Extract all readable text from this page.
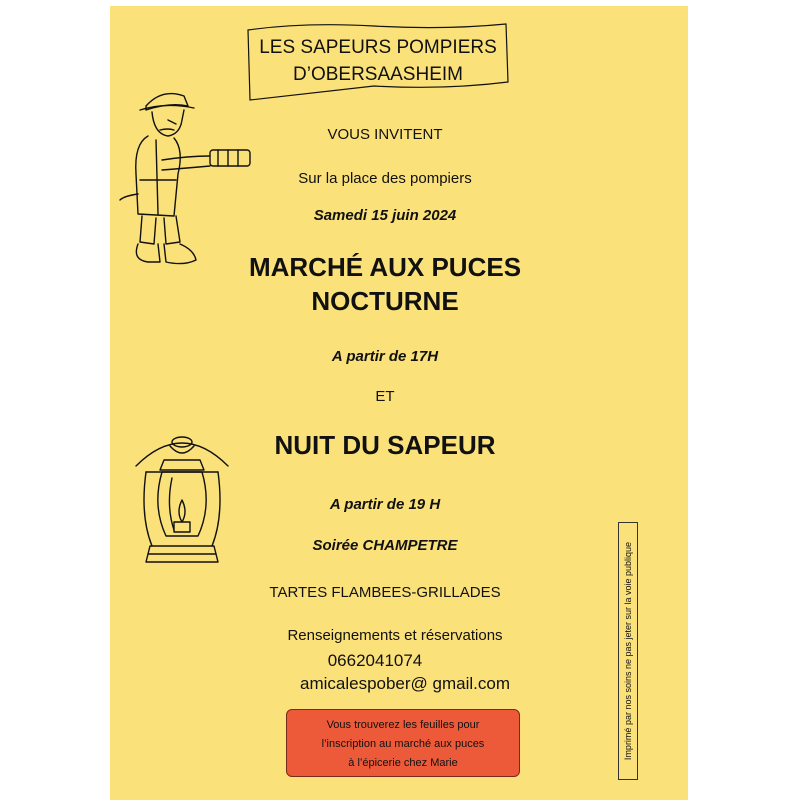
LES SAPEURS POMPIERS
D’OBERSAASHEIM
VOUS INVITENT
Sur la place des pompiers
Samedi 15 juin 2024
MARCHÉ AUX PUCES
NOCTURNE
A partir de 17H
ET
NUIT DU SAPEUR
A partir de 19 H
Soirée CHAMPETRE
TARTES FLAMBEES-GRILLADES
Renseignements et réservations
0662041074
amicalespober@ gmail.com
Vous trouverez les feuilles pour
l’inscription au marché aux puces
à l’épicerie chez Marie
Imprimé par nos soins ne pas jeter sur la voie publique
